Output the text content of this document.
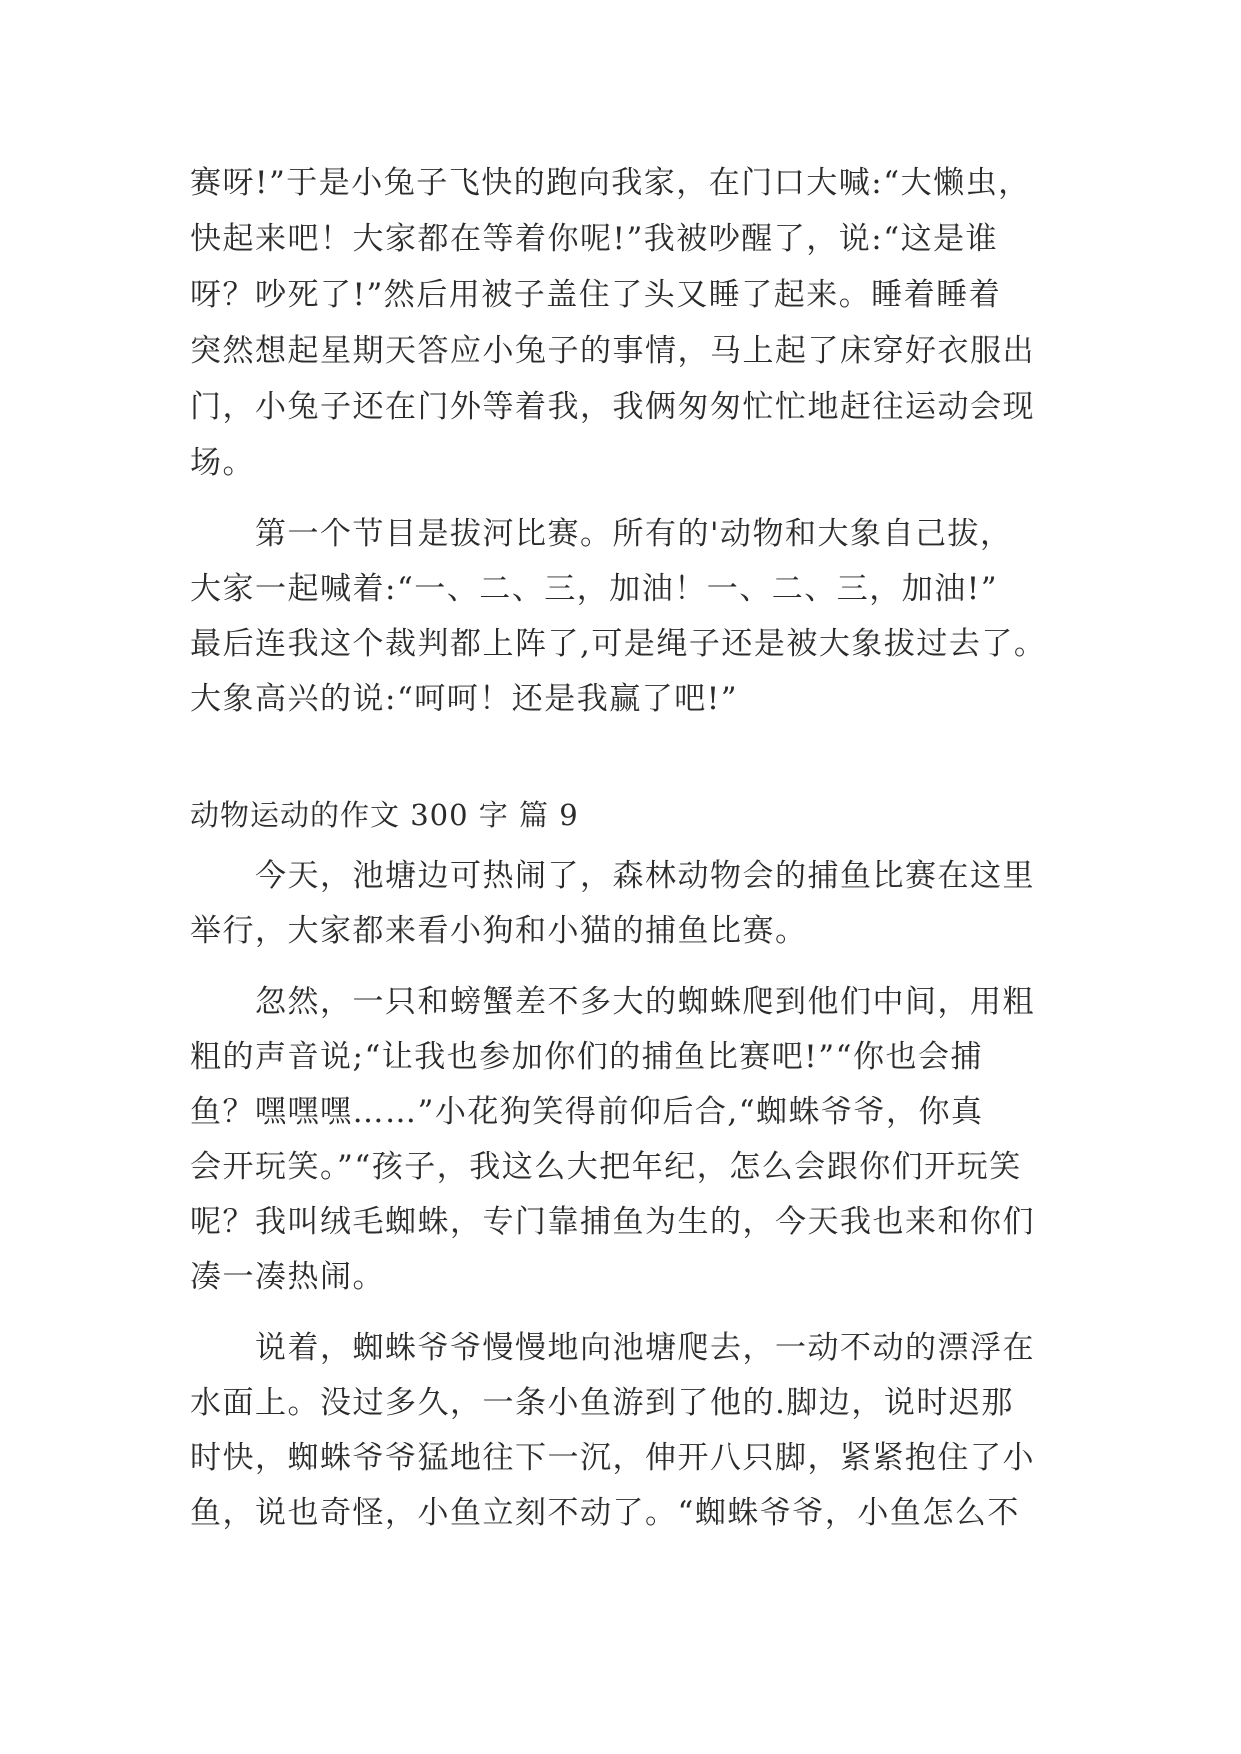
赛呀!”于是小兔子飞快的跑向我家，在门口大喊:“大懒虫，
快起来吧！大家都在等着你呢!”我被吵醒了，说:“这是谁
呀？吵死了!”然后用被子盖住了头又睡了起来。睡着睡着
突然想起星期天答应小兔子的事情，马上起了床穿好衣服出
门，小兔子还在门外等着我，我俩匆匆忙忙地赶往运动会现
场。
　　第一个节目是拔河比赛。所有的'动物和大象自己拔，
大家一起喊着:“一、二、三，加油！一、二、三，加油!”
最后连我这个裁判都上阵了,可是绳子还是被大象拔过去了。
大象高兴的说:“呵呵！还是我赢了吧!”
动物运动的作文 300 字 篇 9
　　今天，池塘边可热闹了，森林动物会的捕鱼比赛在这里
举行，大家都来看小狗和小猫的捕鱼比赛。
　　忽然，一只和螃蟹差不多大的蜘蛛爬到他们中间，用粗
粗的声音说;“让我也参加你们的捕鱼比赛吧!”“你也会捕
鱼？嘿嘿嘿……”小花狗笑得前仰后合,“蜘蛛爷爷，你真
会开玩笑。”“孩子，我这么大把年纪，怎么会跟你们开玩笑
呢？我叫绒毛蜘蛛，专门靠捕鱼为生的，今天我也来和你们
凑一凑热闹。
　　说着，蜘蛛爷爷慢慢地向池塘爬去，一动不动的漂浮在
水面上。没过多久，一条小鱼游到了他的.脚边，说时迟那
时快，蜘蛛爷爷猛地往下一沉，伸开八只脚，紧紧抱住了小
鱼，说也奇怪，小鱼立刻不动了。“蜘蛛爷爷，小鱼怎么不
